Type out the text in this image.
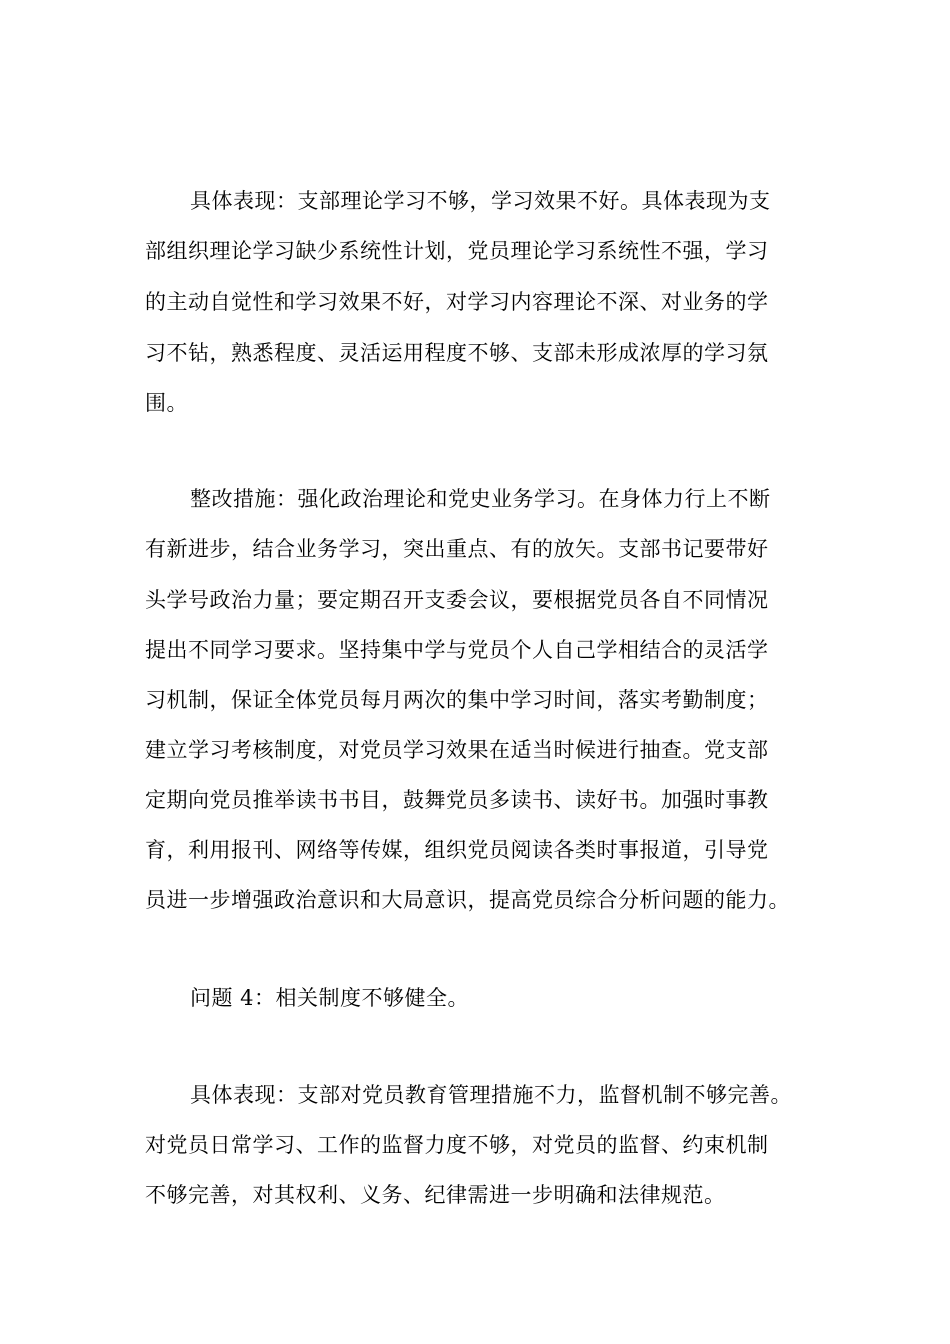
具体表现：支部理论学习不够，学习效果不好。具体表现为支
部组织理论学习缺少系统性计划，党员理论学习系统性不强，学习
的主动自觉性和学习效果不好，对学习内容理论不深、对业务的学
习不钻，熟悉程度、灵活运用程度不够、支部未形成浓厚的学习氛
围。
整改措施：强化政治理论和党史业务学习。在身体力行上不断
有新进步，结合业务学习，突出重点、有的放矢。支部书记要带好
头学号政治力量；要定期召开支委会议，要根据党员各自不同情况
提出不同学习要求。坚持集中学与党员个人自己学相结合的灵活学
习机制，保证全体党员每月两次的集中学习时间，落实考勤制度；
建立学习考核制度，对党员学习效果在适当时候进行抽查。党支部
定期向党员推举读书书目，鼓舞党员多读书、读好书。加强时事教
育，利用报刊、网络等传媒，组织党员阅读各类时事报道，引导党
员进一步增强政治意识和大局意识，提高党员综合分析问题的能力。
问题 4：相关制度不够健全。
具体表现：支部对党员教育管理措施不力，监督机制不够完善。
对党员日常学习、工作的监督力度不够，对党员的监督、约束机制
不够完善，对其权利、义务、纪律需进一步明确和法律规范。
